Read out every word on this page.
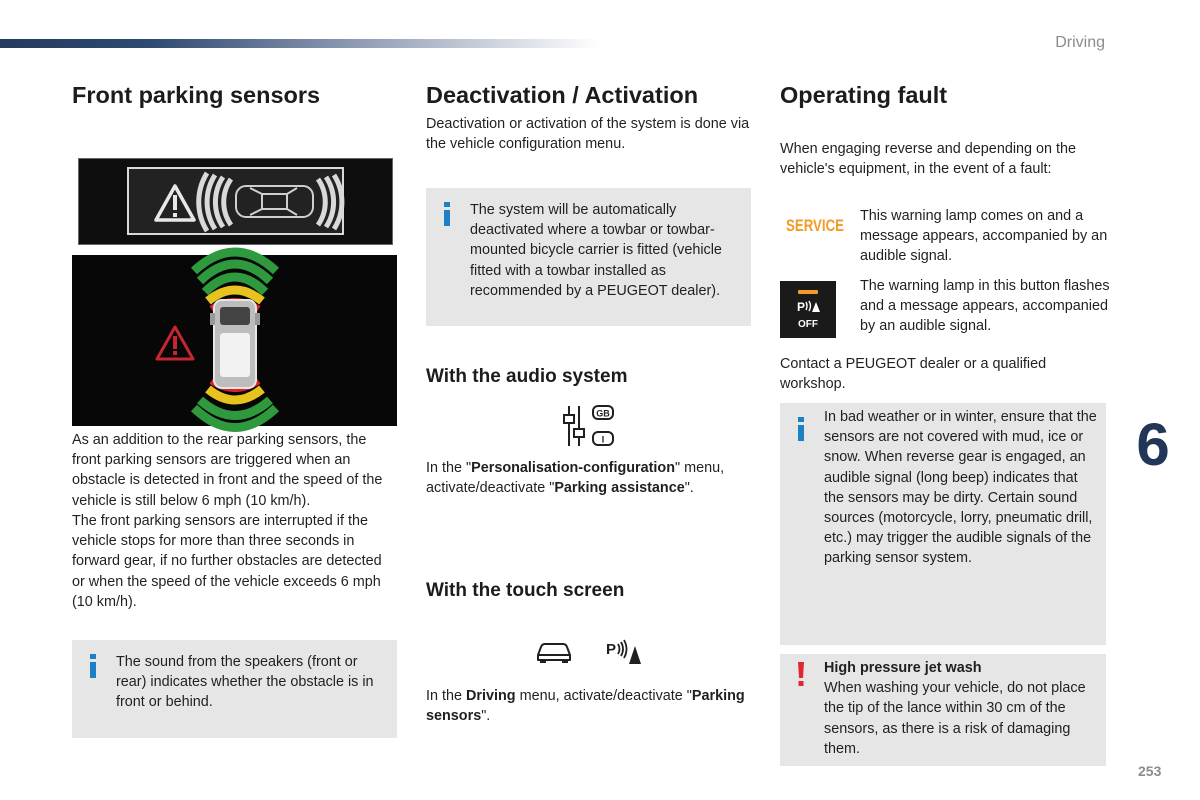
Driving
Front parking sensors
As an addition to the rear parking sensors, the front parking sensors are triggered when an obstacle is detected in front and the speed of the vehicle is still below 6 mph (10 km/h).
The front parking sensors are interrupted if the vehicle stops for more than three seconds in forward gear, if no further obstacles are detected or when the speed of the vehicle exceeds 6 mph (10 km/h).
The sound from the speakers (front or rear) indicates whether the obstacle is in front or behind.
Deactivation / Activation
Deactivation or activation of the system is done via the vehicle configuration menu.
The system will be automatically deactivated where a towbar or towbar-mounted bicycle carrier is fitted (vehicle fitted with a towbar installed as recommended by a PEUGEOT dealer).
With the audio system
GB
I
In the "Personalisation-configuration" menu, activate/deactivate "Parking assistance".
With the touch screen
P
In the Driving menu, activate/deactivate "Parking sensors".
Operating fault
When engaging reverse and depending on the vehicle's equipment, in the event of a fault:
SERVICE This warning lamp comes on and a message appears, accompanied by an audible signal.
P
OFF
The warning lamp in this button flashes and a message appears, accompanied by an audible signal.
Contact a PEUGEOT dealer or a qualified workshop.
In bad weather or in winter, ensure that the sensors are not covered with mud, ice or snow. When reverse gear is engaged, an audible signal (long beep) indicates that the sensors may be dirty. Certain sound sources (motorcycle, lorry, pneumatic drill, etc.) may trigger the audible signals of the parking sensor system.
High pressure jet wash
When washing your vehicle, do not place the tip of the lance within 30 cm of the sensors, as there is a risk of damaging them.
6
253
